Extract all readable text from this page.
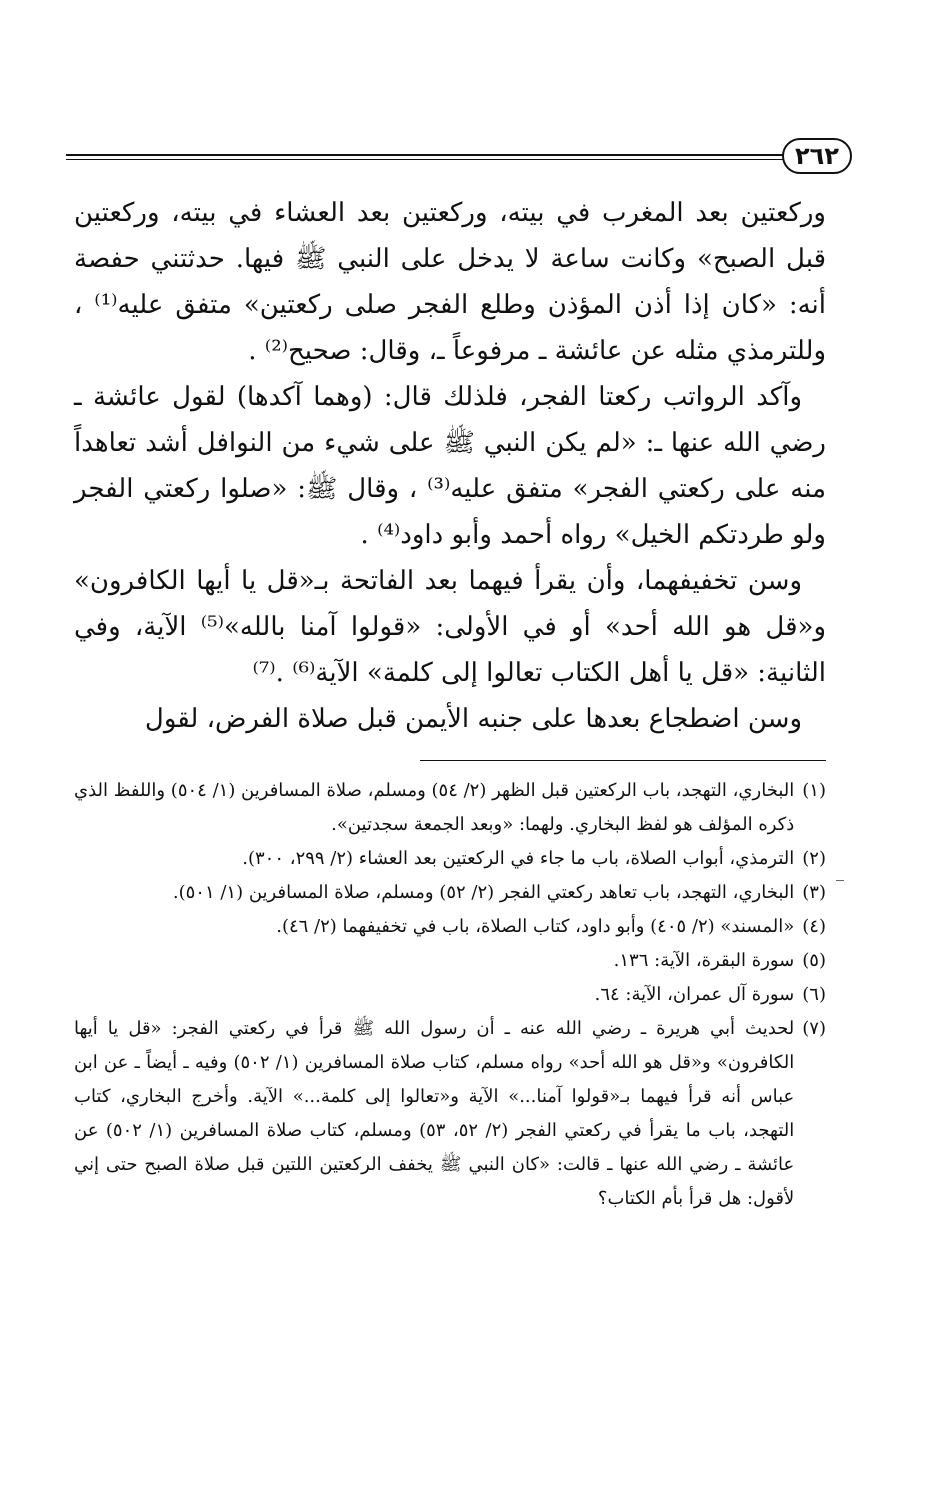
٢٦٢

وركعتين بعد المغرب في بيته، وركعتين بعد العشاء في بيته، وركعتين قبل الصبح» وكانت ساعة لا يدخل على النبي ﷺ فيها. حدثتني حفصة أنه: «كان إذا أذن المؤذن وطلع الفجر صلى ركعتين» متفق عليه⁽¹⁾ ، وللترمذي مثله عن عائشة ـ مرفوعاً ـ، وقال: صحيح⁽²⁾ .

وآكد الرواتب ركعتا الفجر، فلذلك قال: (وهما آكدها) لقول عائشة ـ رضي الله عنها ـ: «لم يكن النبي ﷺ على شيء من النوافل أشد تعاهداً منه على ركعتي الفجر» متفق عليه⁽³⁾ ، وقال ﷺ: «صلوا ركعتي الفجر ولو طردتكم الخيل» رواه أحمد وأبو داود⁽⁴⁾ .

وسن تخفيفهما، وأن يقرأ فيهما بعد الفاتحة بـ«قل يا أيها الكافرون» و«قل هو الله أحد» أو في الأولى: «قولوا آمنا بالله»⁽⁵⁾ الآية، وفي الثانية: «قل يا أهل الكتاب تعالوا إلى كلمة» الآية⁽⁶⁾ .⁽⁷⁾

وسن اضطجاع بعدها على جنبه الأيمن قبل صلاة الفرض، لقول

(١)
البخاري، التهجد، باب الركعتين قبل الظهر (٢/ ٥٤) ومسلم، صلاة المسافرين (١/ ٥٠٤) واللفظ الذي ذكره المؤلف هو لفظ البخاري. ولهما: «وبعد الجمعة سجدتين».
(٢)
الترمذي، أبواب الصلاة، باب ما جاء في الركعتين بعد العشاء (٢/ ٢٩٩، ٣٠٠).
(٣)
البخاري، التهجد، باب تعاهد ركعتي الفجر (٢/ ٥٢) ومسلم، صلاة المسافرين (١/ ٥٠١).
(٤)
«المسند» (٢/ ٤٠٥) وأبو داود، كتاب الصلاة، باب في تخفيفهما (٢/ ٤٦).
(٥)
سورة البقرة، الآية: ١٣٦.
(٦)
سورة آل عمران، الآية: ٦٤.
(٧)
لحديث أبي هريرة ـ رضي الله عنه ـ أن رسول الله ﷺ قرأ في ركعتي الفجر: «قل يا أيها الكافرون» و«قل هو الله أحد» رواه مسلم، كتاب صلاة المسافرين (١/ ٥٠٢) وفيه ـ أيضاً ـ عن ابن عباس أنه قرأ فيهما بـ«قولوا آمنا...» الآية و«تعالوا إلى كلمة...» الآية. وأخرج البخاري، كتاب التهجد، باب ما يقرأ في ركعتي الفجر (٢/ ٥٢، ٥٣) ومسلم، كتاب صلاة المسافرين (١/ ٥٠٢) عن عائشة ـ رضي الله عنها ـ قالت: «كان النبي ﷺ يخفف الركعتين اللتين قبل صلاة الصبح حتى إني لأقول: هل قرأ بأم الكتاب؟
